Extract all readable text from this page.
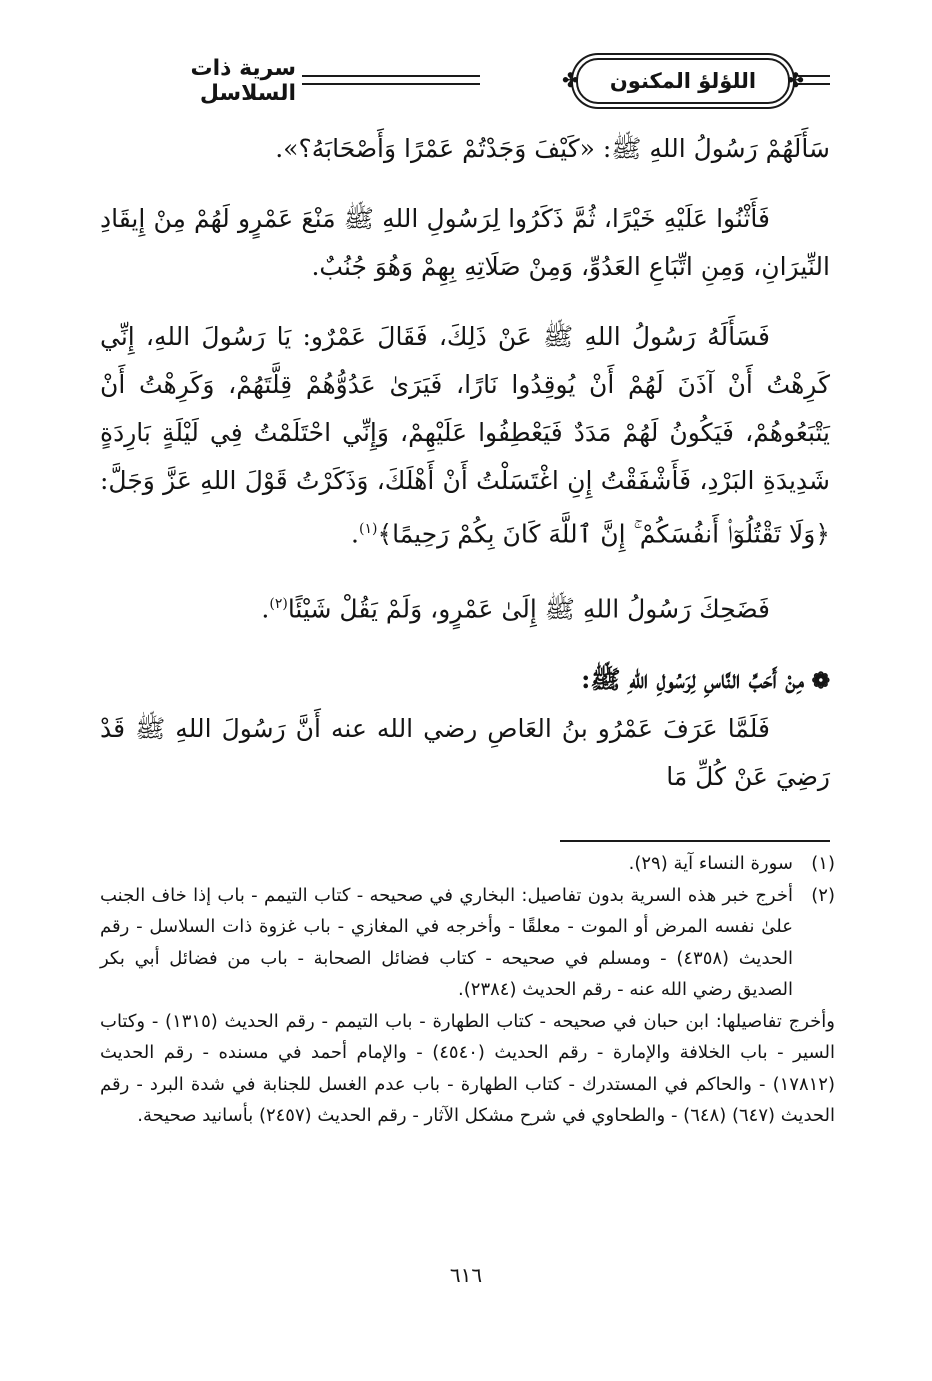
سرية ذات السلاسل
✤ اللؤلؤ المكنون ✤

سَأَلَهُمْ رَسُولُ اللهِ ﷺ: «كَيْفَ وَجَدْتُمْ عَمْرًا وَأَصْحَابَهُ؟».

فَأَثْنُوا عَلَيْهِ خَيْرًا، ثُمَّ ذَكَرُوا لِرَسُولِ اللهِ ﷺ مَنْعَ عَمْرٍو لَهُمْ مِنْ إِيقَادِ النِّيرَانِ، وَمِنِ اتِّبَاعِ العَدُوِّ، وَمِنْ صَلَاتِهِ بِهِمْ وَهُوَ جُنُبٌ.

فَسَأَلَهُ رَسُولُ اللهِ ﷺ عَنْ ذَلِكَ، فَقَالَ عَمْرٌو: يَا رَسُولَ اللهِ، إِنِّي كَرِهْتُ أَنْ آذَنَ لَهُمْ أَنْ يُوقِدُوا نَارًا، فَيَرَىٰ عَدُوُّهُمْ قِلَّتَهُمْ، وَكَرِهْتُ أَنْ يَتْبَعُوهُمْ، فَيَكُونُ لَهُمْ مَدَدٌ فَيَعْطِفُوا عَلَيْهِمْ، وَإِنِّي احْتَلَمْتُ فِي لَيْلَةٍ بَارِدَةٍ شَدِيدَةِ البَرْدِ، فَأَشْفَقْتُ إِنِ اغْتَسَلْتُ أَنْ أَهْلَكَ، وَذَكَرْتُ قَوْلَ اللهِ عَزَّ وَجَلَّ: ﴿وَلَا تَقْتُلُوٓا۟ أَنفُسَكُمْ ۚ إِنَّ ٱللَّهَ كَانَ بِكُمْ رَحِيمًا﴾$^{(١)}$.

فَضَحِكَ رَسُولُ اللهِ ﷺ إِلَىٰ عَمْرٍو، وَلَمْ يَقُلْ شَيْئًا$^{(٢)}$.

❁مِنْ أَحَبِّ النَّاسِ لِرَسُولِ اللهِ ﷺ:

فَلَمَّا عَرَفَ عَمْرُو بنُ العَاصِ رضي الله عنه أَنَّ رَسُولَ اللهِ ﷺ قَدْ رَضِيَ عَنْ كُلِّ مَا

(١)
سورة النساء آية (٢٩).
(٢)
أخرج خبر هذه السرية بدون تفاصيل: البخاري في صحيحه - كتاب التيمم - باب إذا خاف الجنب علىٰ نفسه المرض أو الموت - معلقًا - وأخرجه في المغازي - باب غزوة ذات السلاسل - رقم الحديث (٤٣٥٨) - ومسلم في صحيحه - كتاب فضائل الصحابة - باب من فضائل أبي بكر الصديق رضي الله عنه - رقم الحديث (٢٣٨٤).
وأخرج تفاصيلها: ابن حبان في صحيحه - كتاب الطهارة - باب التيمم - رقم الحديث (١٣١٥) - وكتاب السير - باب الخلافة والإمارة - رقم الحديث (٤٥٤٠) - والإمام أحمد في مسنده - رقم الحديث (١٧٨١٢) - والحاكم في المستدرك - كتاب الطهارة - باب عدم الغسل للجنابة في شدة البرد - رقم الحديث (٦٤٧) (٦٤٨) - والطحاوي في شرح مشكل الآثار - رقم الحديث (٢٤٥٧) بأسانيد صحيحة.
٦١٦
